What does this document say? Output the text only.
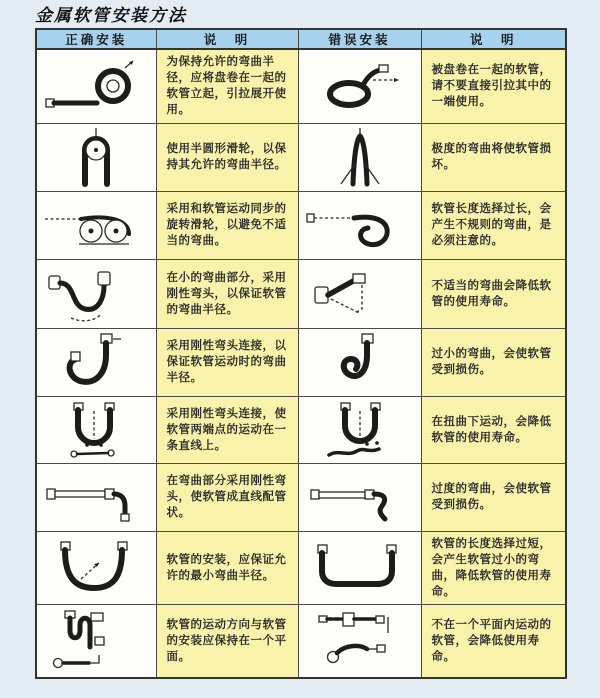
金属软管安装方法
正确安装	说　明	错误安装	说　明

为保持允许的弯曲半径，应将盘卷在一起的软管立起，引拉展开使用。		被盘卷在一起的软管，请不要直接引拉其中的一端使用。

使用半圆形滑轮，以保持其允许的弯曲半径。		极度的弯曲将使软管损坏。

采用和软管运动同步的旋转滑轮，以避免不适当的弯曲。		软管长度选择过长，会产生不规则的弯曲，是必须注意的。

在小的弯曲部分，采用刚性弯头，以保证软管的弯曲半径。		不适当的弯曲会降低软管的使用寿命。

采用刚性弯头连接，以保证软管运动时的弯曲半径。		过小的弯曲，会使软管受到损伤。

采用刚性弯头连接，使软管两端点的运动在一条直线上。		在扭曲下运动，会降低软管的使用寿命。

在弯曲部分采用刚性弯头，使软管成直线配管状。		过度的弯曲，会使软管受到损伤。

软管的安装，应保证允许的最小弯曲半径。		软管的长度选择过短，会产生软管过小的弯曲，降低软管的使用寿命。

软管的运动方向与软管的安装应保持在一个平面。		不在一个平面内运动的软管，会降低使用寿命。
